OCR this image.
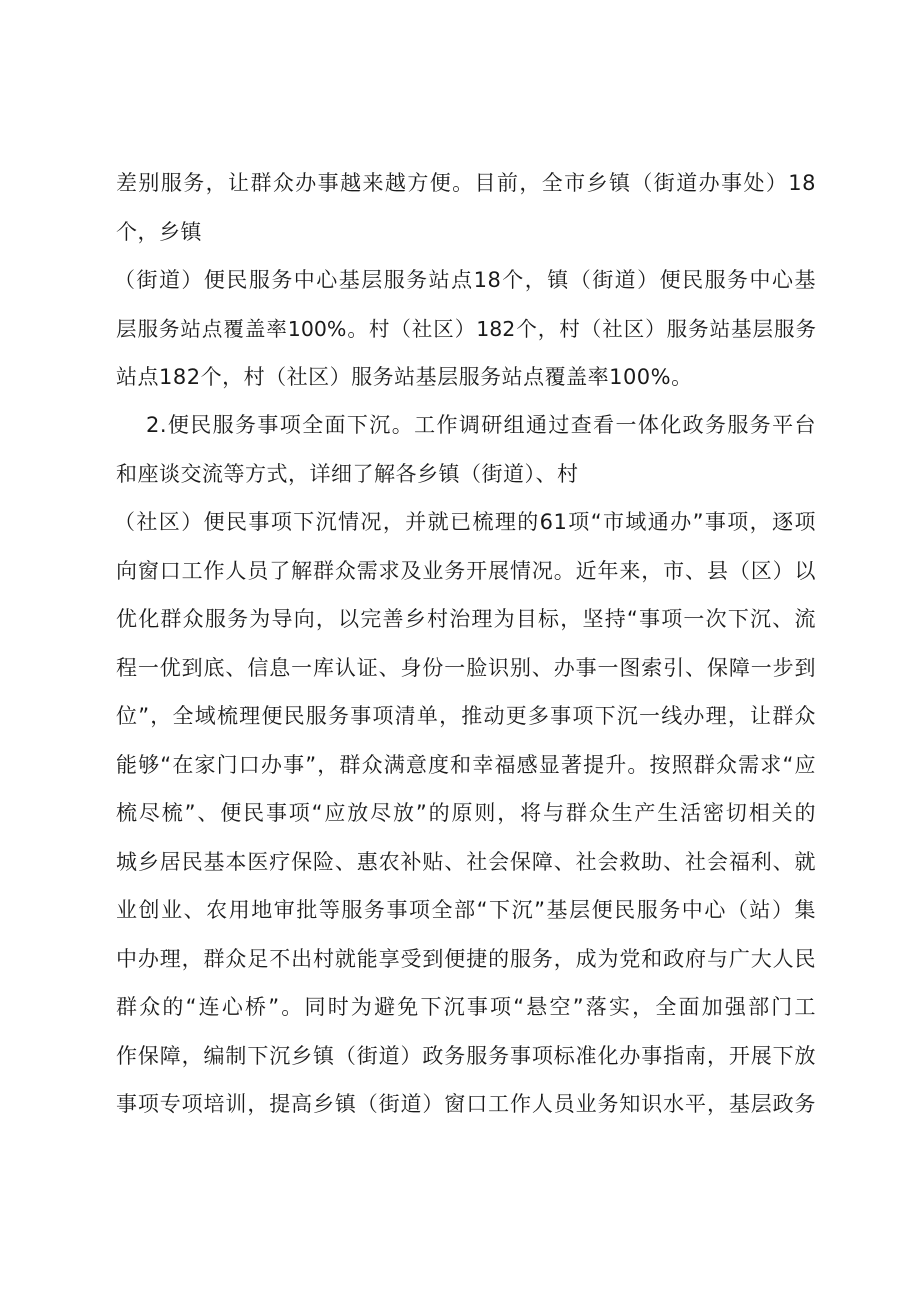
差别服务，让群众办事越来越方便。目前，全市乡镇（街道办事处）18
个，乡镇
（街道）便民服务中心基层服务站点18个，镇（街道）便民服务中心基
层服务站点覆盖率100%。村（社区）182个，村（社区）服务站基层服务
站点182个，村（社区）服务站基层服务站点覆盖率100%。
2.便民服务事项全面下沉。工作调研组通过查看一体化政务服务平台
和座谈交流等方式，详细了解各乡镇（街道）、村
（社区）便民事项下沉情况，并就已梳理的61项“市域通办”事项，逐项
向窗口工作人员了解群众需求及业务开展情况。近年来，市、县（区）以
优化群众服务为导向，以完善乡村治理为目标，坚持“事项一次下沉、流
程一优到底、信息一库认证、身份一脸识别、办事一图索引、保障一步到
位”，全域梳理便民服务事项清单，推动更多事项下沉一线办理，让群众
能够“在家门口办事”，群众满意度和幸福感显著提升。按照群众需求“应
梳尽梳”、便民事项“应放尽放”的原则，将与群众生产生活密切相关的
城乡居民基本医疗保险、惠农补贴、社会保障、社会救助、社会福利、就
业创业、农用地审批等服务事项全部“下沉”基层便民服务中心（站）集
中办理，群众足不出村就能享受到便捷的服务，成为党和政府与广大人民
群众的“连心桥”。同时为避免下沉事项“悬空”落实，全面加强部门工
作保障，编制下沉乡镇（街道）政务服务事项标准化办事指南，开展下放
事项专项培训，提高乡镇（街道）窗口工作人员业务知识水平，基层政务
